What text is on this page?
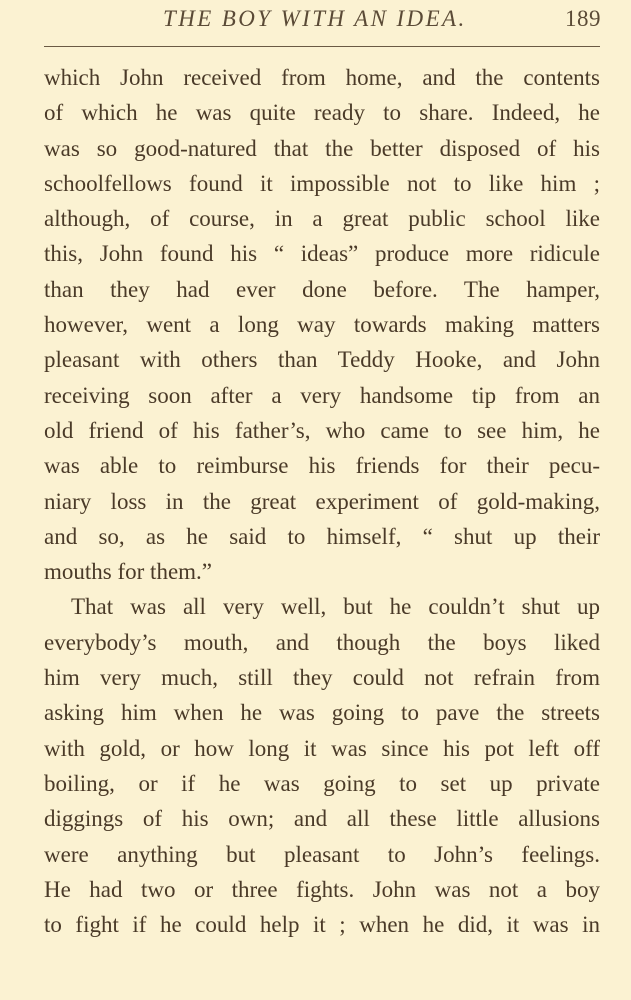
THE BOY WITH AN IDEA.	189
which John received from home, and the contents
of which he was quite ready to share. Indeed, he
was so good-natured that the better disposed of his
schoolfellows found it impossible not to like him ;
although, of course, in a great public school like
this, John found his “ ideas” produce more ridicule
than they had ever done before. The hamper,
however, went a long way towards making matters
pleasant with others than Teddy Hooke, and John
receiving soon after a very handsome tip from an
old friend of his father’s, who came to see him, he
was able to reimburse his friends for their pecu-
niary loss in the great experiment of gold-making,
and so, as he said to himself, “ shut up their
mouths for them.”
That was all very well, but he couldn’t shut up
everybody’s mouth, and though the boys liked
him very much, still they could not refrain from
asking him when he was going to pave the streets
with gold, or how long it was since his pot left off
boiling, or if he was going to set up private
diggings of his own; and all these little allusions
were anything but pleasant to John’s feelings.
He had two or three fights. John was not a boy
to fight if he could help it ; when he did, it was in
